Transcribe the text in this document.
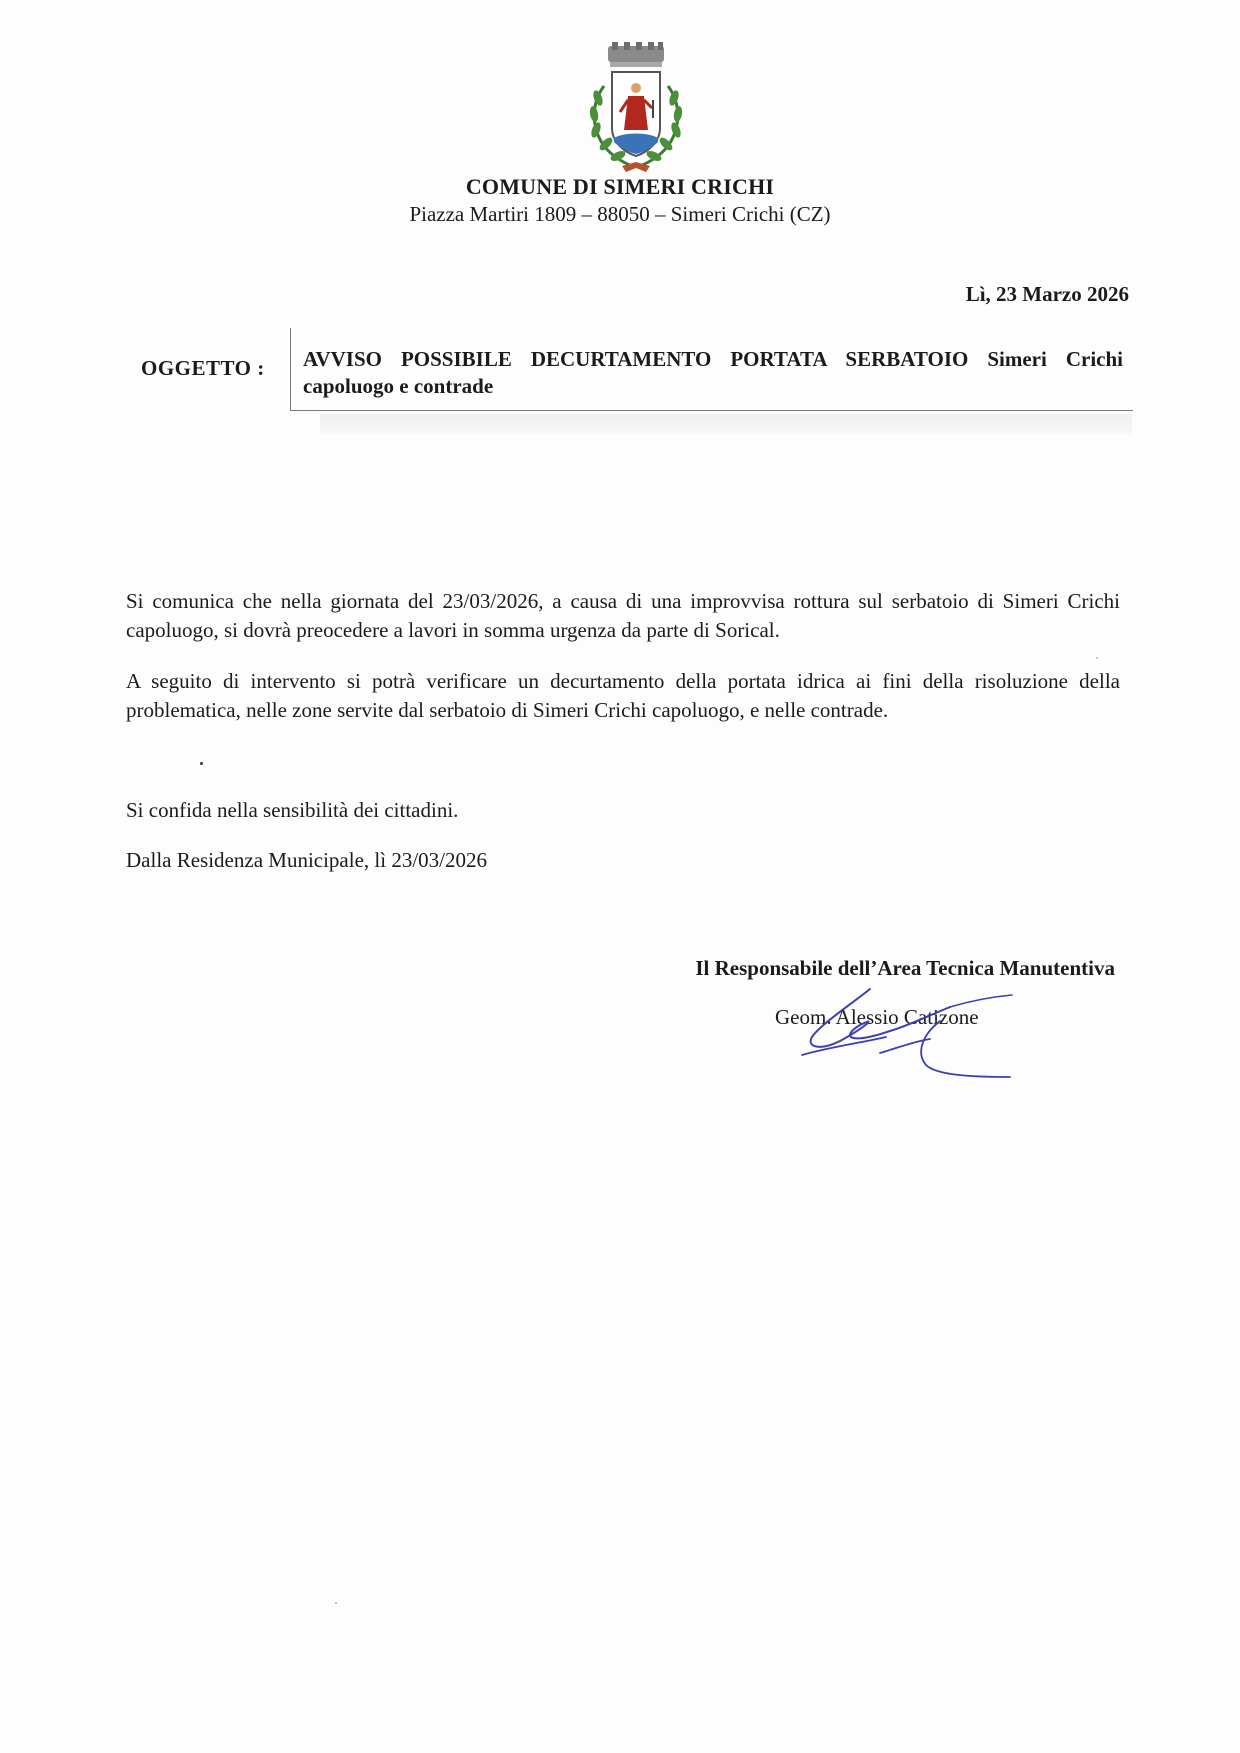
COMUNE DI SIMERI CRICHI
Piazza Martiri 1809 – 88050 – Simeri Crichi (CZ)
Lì, 23 Marzo 2026
OGGETTO : AVVISO POSSIBILE DECURTAMENTO PORTATA SERBATOIO Simeri Crichi
capoluogo e contrade
Si comunica che nella giornata del 23/03/2026, a causa di una improvvisa rottura sul serbatoio di Simeri Crichi capoluogo, si dovrà preocedere a lavori in somma urgenza da parte di Sorical.
A seguito di intervento si potrà verificare un decurtamento della portata idrica ai fini della risoluzione della problematica, nelle zone servite dal serbatoio di Simeri Crichi capoluogo, e nelle contrade.
Si confida nella sensibilità dei cittadini.
Dalla Residenza Municipale, lì 23/03/2026
Il Responsabile dell’Area Tecnica Manutentiva
Geom. Alessio Catizone
